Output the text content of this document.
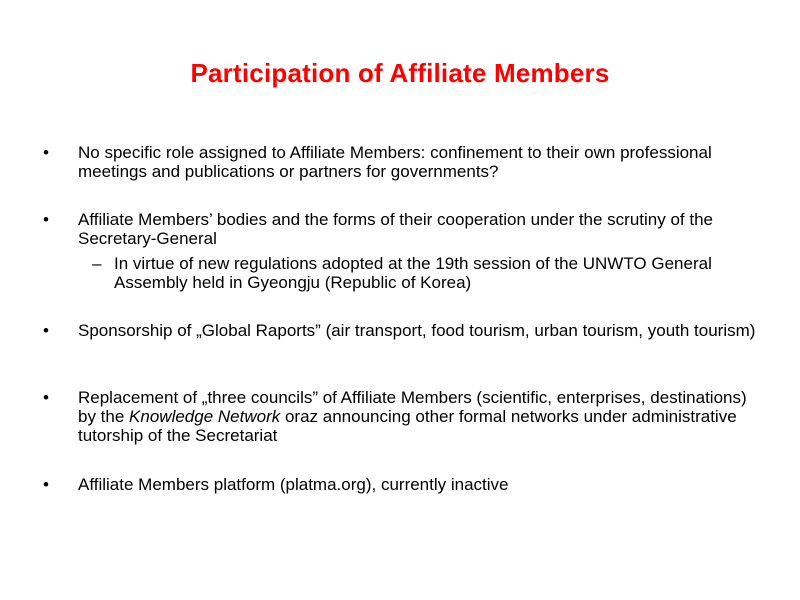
Participation of Affiliate Members
• No specific role assigned to Affiliate Members: confinement to their own professional meetings and publications or partners for governments?
• Affiliate Members’ bodies and the forms of their cooperation under the scrutiny of the Secretary-General
– In virtue of new regulations adopted at the 19th session of the UNWTO General Assembly held in Gyeongju (Republic of Korea)
• Sponsorship of „Global Raports” (air transport, food tourism, urban tourism, youth tourism)
• Replacement of „three councils” of Affiliate Members (scientific, enterprises, destinations) by the Knowledge Network oraz announcing other formal networks under administrative tutorship of the Secretariat
• Affiliate Members platform (platma.org), currently inactive
